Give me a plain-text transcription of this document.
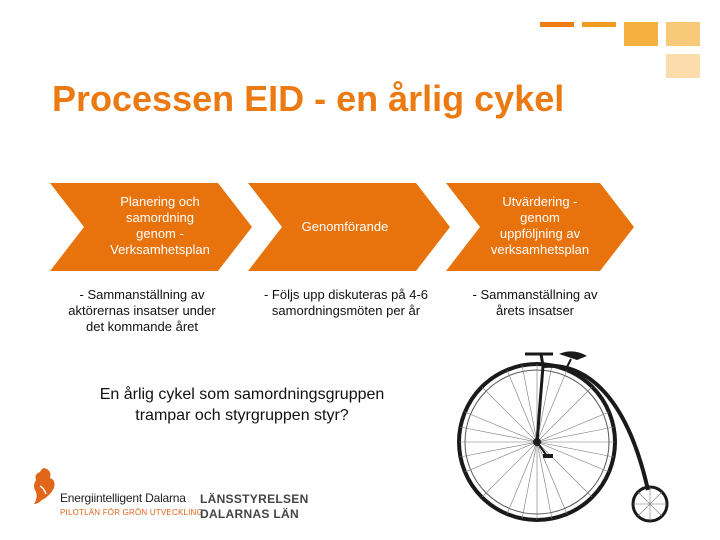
Processen EID - en årlig cykel
Planering och
samordning
genom -
Verksamhetsplan
Genomförande
Utvärdering -
genom
uppföljning av
verksamhetsplan
- Sammanställning av
aktörernas insatser under
det kommande året
- Följs upp diskuteras på 4-6
samordningsmöten per år
- Sammanställning av
årets insatser
En årlig cykel som samordningsgruppen
trampar och styrgruppen styr?
Energiintelligent Dalarna
PILOTLÄN FÖR GRÖN UTVECKLING
LÄNSSTYRELSEN
DALARNAS LÄN
